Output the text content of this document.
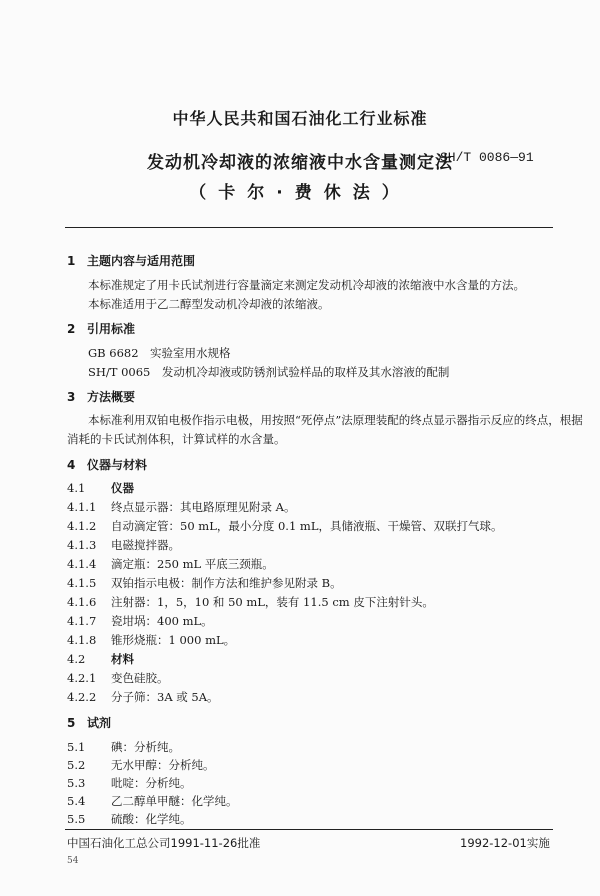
中华人民共和国石油化工行业标准
发动机冷却液的浓缩液中水含量测定法
SH/T 0086—91
（卡尔·费休法）
1 主题内容与适用范围
本标准规定了用卡氏试剂进行容量滴定来测定发动机冷却液的浓缩液中水含量的方法。
本标准适用于乙二醇型发动机冷却液的浓缩液。
2 引用标准
GB 6682　实验室用水规格
SH/T 0065　发动机冷却液或防锈剂试验样品的取样及其水溶液的配制
3 方法概要
本标准利用双铂电极作指示电极，用按照“死停点”法原理装配的终点显示器指示反应的终点，根据
消耗的卡氏试剂体积，计算试样的水含量。
4 仪器与材料
4.1 仪器
4.1.1 终点显示器：其电路原理见附录 A。
4.1.2 自动滴定管：50 mL，最小分度 0.1 mL，具储液瓶、干燥管、双联打气球。
4.1.3 电磁搅拌器。
4.1.4 滴定瓶：250 mL 平底三颈瓶。
4.1.5 双铂指示电极：制作方法和维护参见附录 B。
4.1.6 注射器：1，5，10 和 50 mL，装有 11.5 cm 皮下注射针头。
4.1.7 瓷坩埚：400 mL。
4.1.8 锥形烧瓶：1 000 mL。
4.2 材料
4.2.1 变色硅胶。
4.2.2 分子筛：3A 或 5A。
5 试剂
5.1 碘：分析纯。
5.2 无水甲醇：分析纯。
5.3 吡啶：分析纯。
5.4 乙二醇单甲醚：化学纯。
5.5 硫酸：化学纯。
中国石油化工总公司1991-11-26批准	1992-12-01实施
54
